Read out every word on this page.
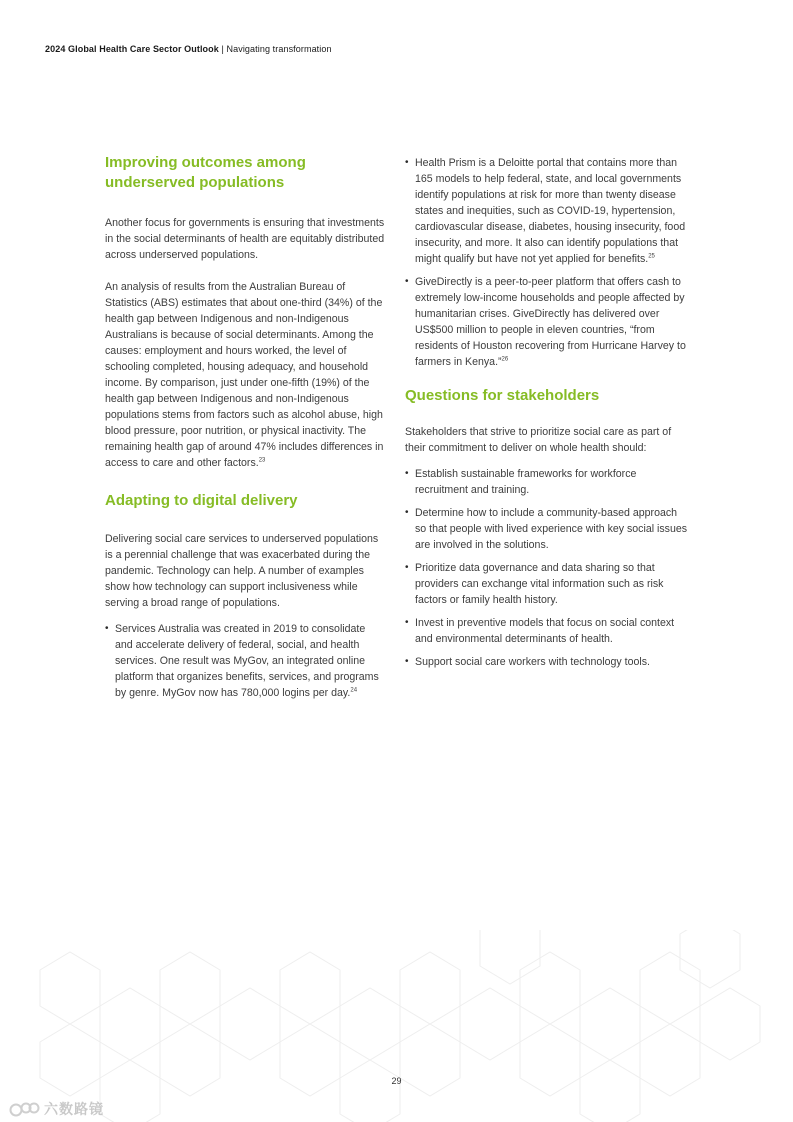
2024 Global Health Care Sector Outlook | Navigating transformation
Improving outcomes among underserved populations

Another focus for governments is ensuring that investments in the social determinants of health are equitably distributed across underserved populations.

An analysis of results from the Australian Bureau of Statistics (ABS) estimates that about one-third (34%) of the health gap between Indigenous and non-Indigenous Australians is because of social determinants. Among the causes: employment and hours worked, the level of schooling completed, housing adequacy, and household income. By comparison, just under one-fifth (19%) of the health gap between Indigenous and non-Indigenous populations stems from factors such as alcohol abuse, high blood pressure, poor nutrition, or physical inactivity. The remaining health gap of around 47% includes differences in access to care and other factors.$^{23}$

Adapting to digital delivery

Delivering social care services to underserved populations is a perennial challenge that was exacerbated during the pandemic. Technology can help. A number of examples show how technology can support inclusiveness while serving a broad range of populations.

• Services Australia was created in 2019 to consolidate and accelerate delivery of federal, social, and health services. One result was MyGov, an integrated online platform that organizes benefits, services, and programs by genre. MyGov now has 780,000 logins per day.$^{24}$
• Health Prism is a Deloitte portal that contains more than 165 models to help federal, state, and local governments identify populations at risk for more than twenty disease states and inequities, such as COVID-19, hypertension, cardiovascular disease, diabetes, housing insecurity, food insecurity, and more. It also can identify populations that might qualify but have not yet applied for benefits.$^{25}$
• GiveDirectly is a peer-to-peer platform that offers cash to extremely low-income households and people affected by humanitarian crises. GiveDirectly has delivered over US$500 million to people in eleven countries, “from residents of Houston recovering from Hurricane Harvey to farmers in Kenya.”$^{26}$
Questions for stakeholders

Stakeholders that strive to prioritize social care as part of their commitment to deliver on whole health should:

• Establish sustainable frameworks for workforce recruitment and training.
• Determine how to include a community-based approach so that people with lived experience with key social issues are involved in the solutions.
• Prioritize data governance and data sharing so that providers can exchange vital information such as risk factors or family health history.
• Invest in preventive models that focus on social context and environmental determinants of health.
• Support social care workers with technology tools.
29
六数路镜
